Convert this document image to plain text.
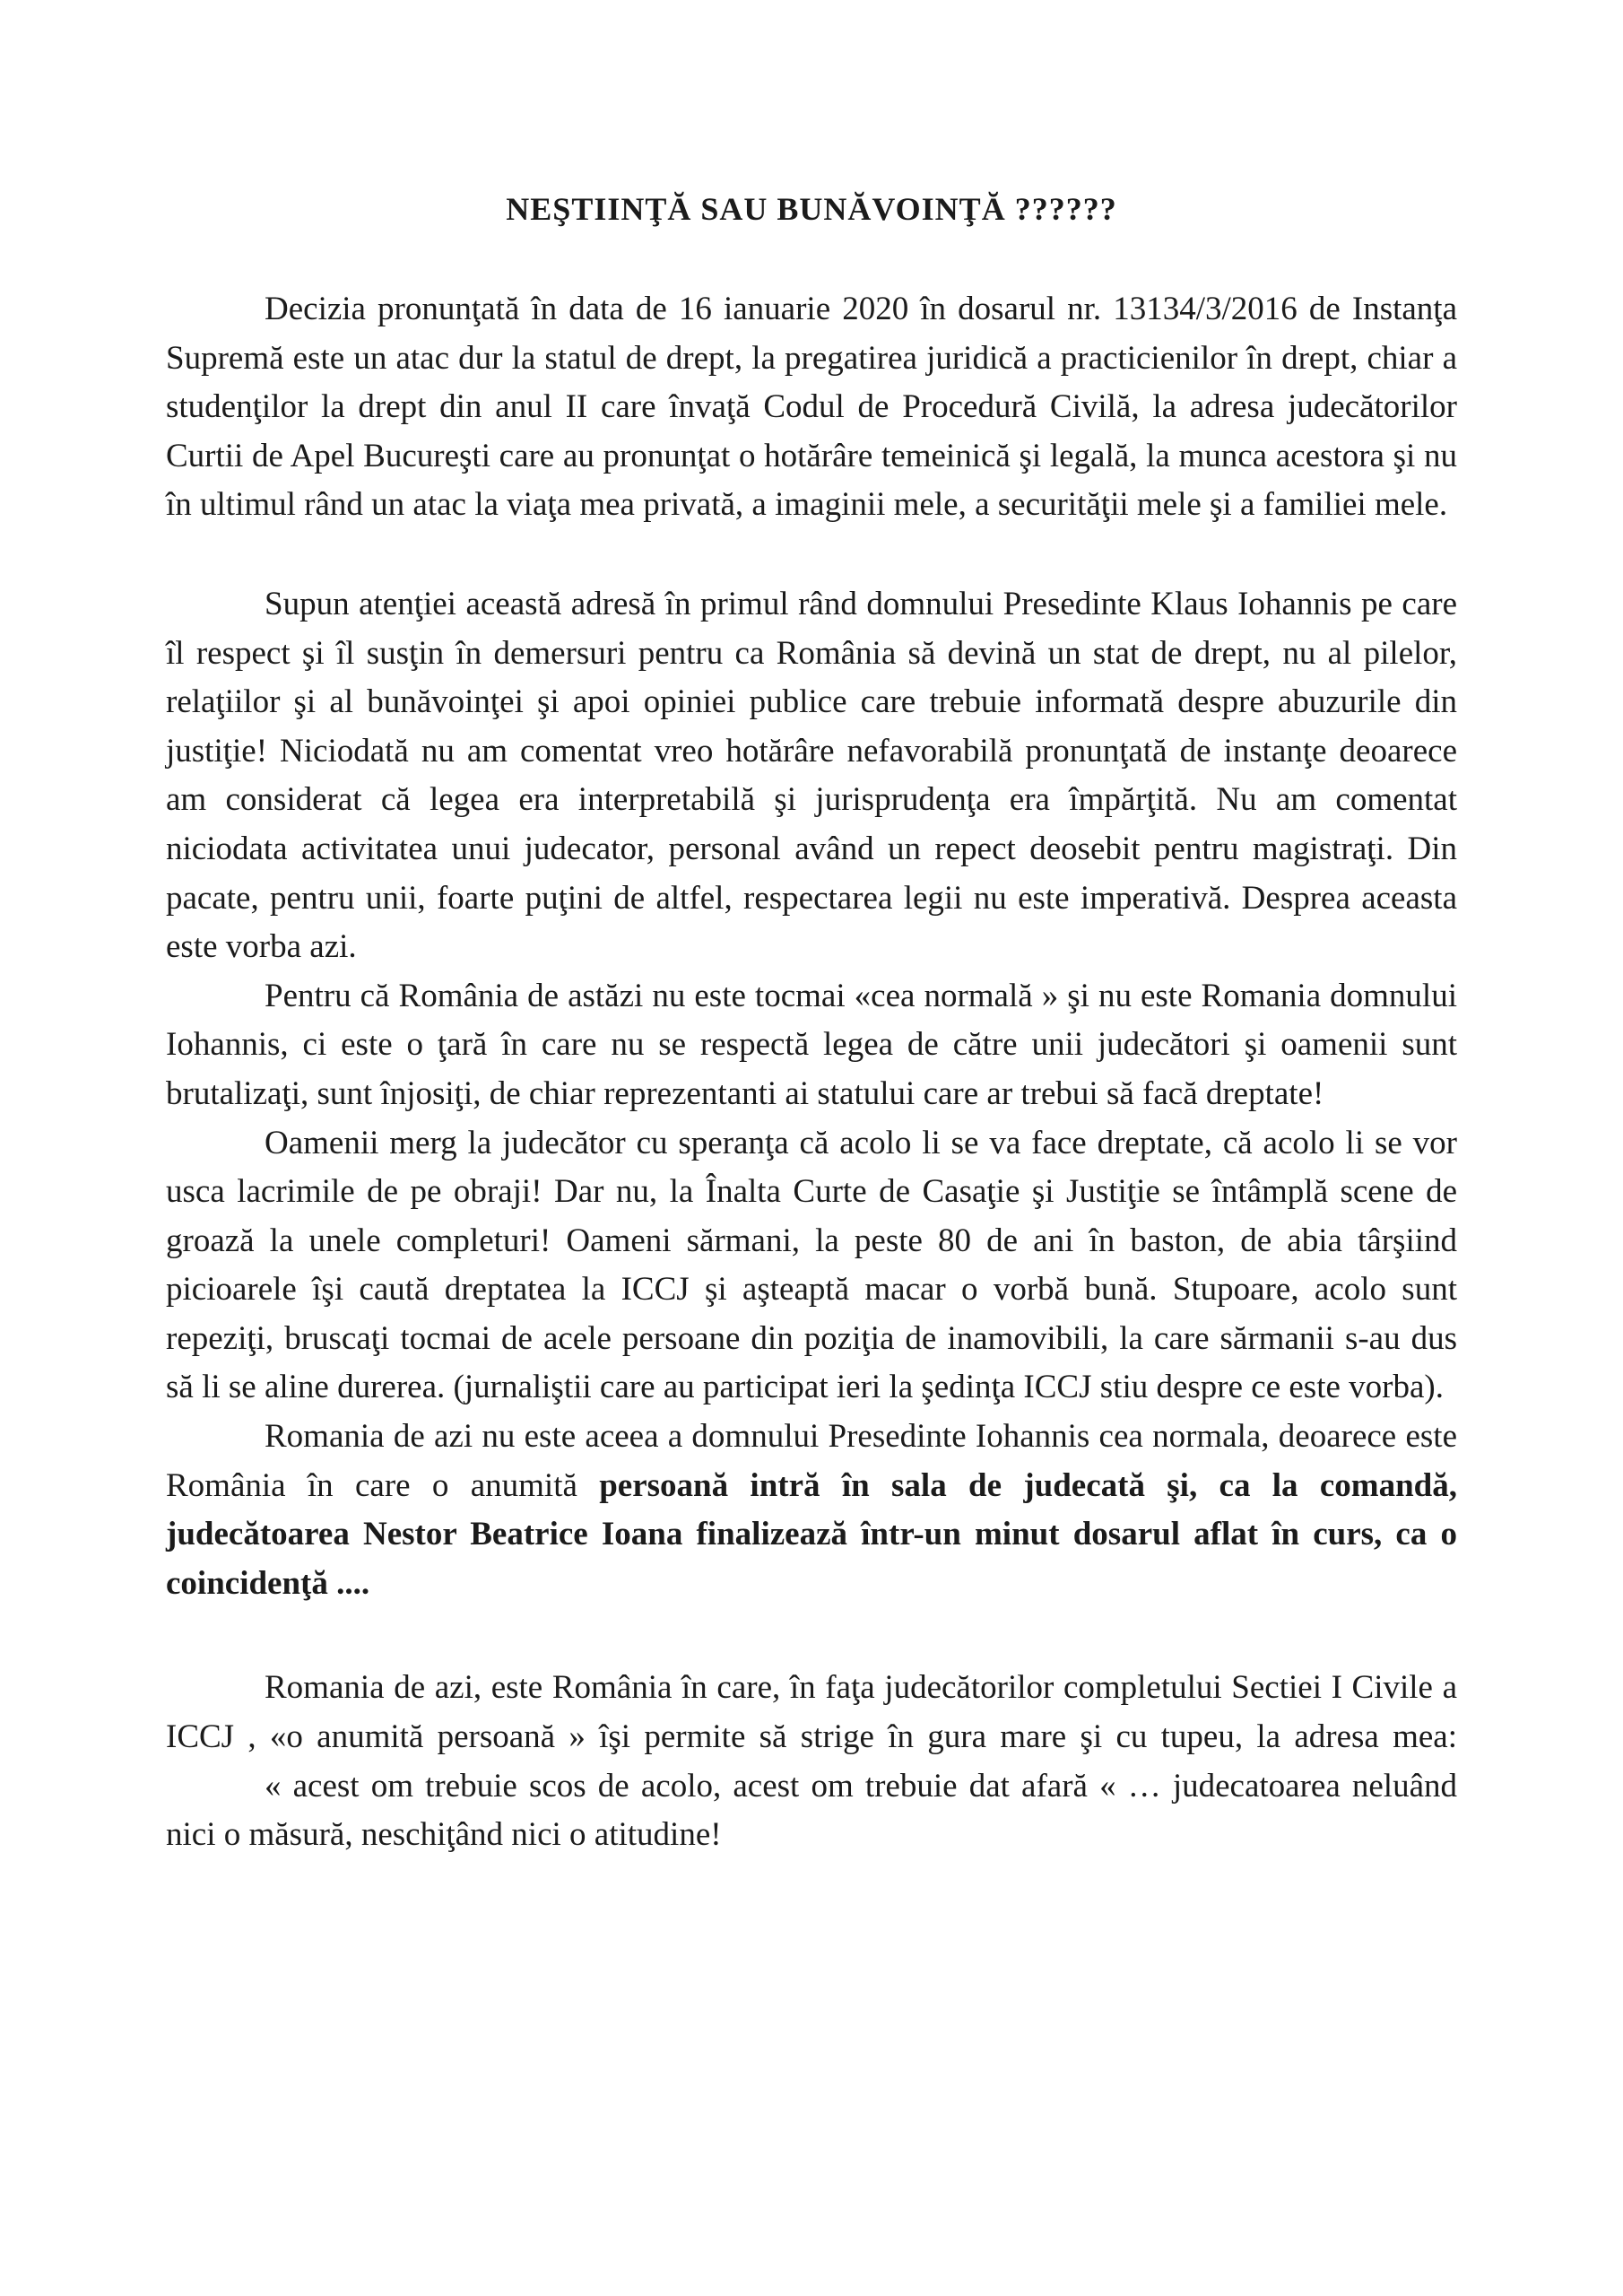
NEŞTIINŢĂ SAU BUNĂVOINŢĂ ??????

Decizia pronunţată în data de 16 ianuarie 2020 în dosarul nr. 13134/3/2016 de Instanţa Supremă este un atac dur la statul de drept, la pregatirea juridică a practicienilor în drept, chiar a studenţilor la drept din anul II care învaţă Codul de Procedură Civilă, la adresa judecătorilor Curtii de Apel Bucureşti care au pronunţat o hotărâre temeinică şi legală, la munca acestora şi nu în ultimul rând un atac la viaţa mea privată, a imaginii mele, a securităţii mele şi a familiei mele.

Supun atenţiei această adresă în primul rând domnului Presedinte Klaus Iohannis pe care îl respect şi îl susţin în demersuri pentru ca România să devină un stat de drept, nu al pilelor, relaţiilor şi al bunăvoinţei şi apoi opiniei publice care trebuie informată despre abuzurile din justiţie! Niciodată nu am comentat vreo hotărâre nefavorabilă pronunţată de instanţe deoarece am considerat că legea era interpretabilă şi jurisprudenţa era împărţită. Nu am comentat niciodata activitatea unui judecator, personal având un repect deosebit pentru magistraţi. Din pacate, pentru unii, foarte puţini de altfel, respectarea legii nu este imperativă. Desprea aceasta este vorba azi.

Pentru că România de astăzi nu este tocmai «cea normală » şi nu este Romania domnului Iohannis, ci este o ţară în care nu se respectă legea de către unii judecători şi oamenii sunt brutalizaţi, sunt înjosiţi, de chiar reprezentanti ai statului care ar trebui să facă dreptate!

Oamenii merg la judecător cu speranţa că acolo li se va face dreptate, că acolo li se vor usca lacrimile de pe obraji! Dar nu, la Înalta Curte de Casaţie şi Justiţie se întâmplă scene de groază la unele completuri! Oameni sărmani, la peste 80 de ani în baston, de abia târşiind picioarele îşi caută dreptatea la ICCJ şi aşteaptă macar o vorbă bună. Stupoare, acolo sunt repeziţi, bruscaţi tocmai de acele persoane din poziţia de inamovibili, la care sărmanii s-au dus să li se aline durerea. (jurnaliştii care au participat ieri la şedinţa ICCJ stiu despre ce este vorba).

Romania de azi nu este aceea a domnului Presedinte Iohannis cea normala, deoarece este România în care o anumită persoană intră în sala de judecată şi, ca la comandă, judecătoarea Nestor Beatrice Ioana finalizează într-un minut dosarul aflat în curs, ca o coincidenţă ....

Romania de azi, este România în care, în faţa judecătorilor completului Sectiei I Civile a ICCJ , «o anumită persoană » îşi permite să strige în gura mare şi cu tupeu, la adresa mea:« acest om trebuie scos de acolo, acest om trebuie dat afară « … judecatoarea neluând nici o măsură, neschiţând nici o atitudine!
